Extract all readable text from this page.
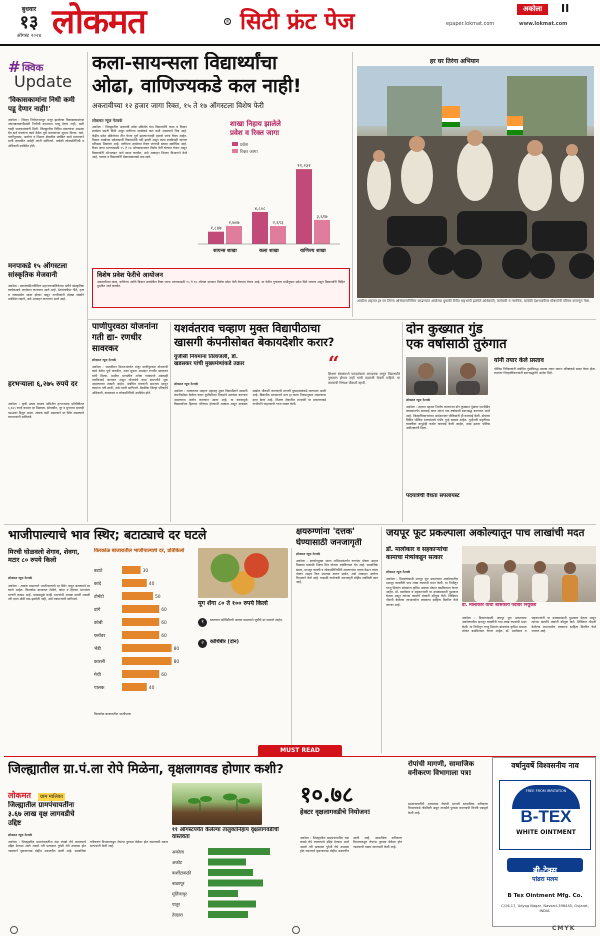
बुधवार
१३
ऑगस्ट २०२४ लोकमत	® सिटी फ्रंट पेज	अकोला	II
epaper.lokmat.com	www.lokmat.com
# क्विक
Update
'विकासकामांना निधी कमी पडू देणार नाही!'
अकोला : जिल्हा नियोजनमधून मंजूर झालेल्या विकासकामांच्या अंमलबजावणीसाठी निधीची कमतरता भासू देणार नाही, अशी ग्वाही पालकमंत्र्यांनी दिली. जिल्ह्यातील विविध प्रकल्पांचा आढावा घेत सर्व यंत्रणांना कामे वेळेत पूर्ण करण्याच्या सूचना दिल्या. रस्ते, पाणीपुरवठा, आरोग्य व शिक्षण क्षेत्रातील प्रलंबित कामे प्राधान्याने मार्गी लावावीत असेही त्यांनी सांगितले. यावेळी लोकप्रतिनिधी व अधिकारी उपस्थित होते.
मनपाकडे १५ ऑगस्टला सांस्कृतिक मेजवानी
अकोला : स्वातंत्र्यदिनानिमित्त महानगरपालिकेच्या वतीने सांस्कृतिक कार्यक्रमाचे आयोजन करण्यात आले आहे. देशभक्तीपर गीते, नृत्य व नाट्यप्रयोग सादर होणार असून नागरिकांनी मोठ्या संख्येने उपस्थित राहावे, असे आवाहन करण्यात आले आहे.
हरभऱ्याला ६,२७५ रुपये दर
अकोला : कृषी उत्पन्न बाजार समितीत हरभऱ्याला प्रतिक्विंटल ६,२७५ रुपये कमाल दर मिळाला. सोयाबीन, तूर व मुगाच्या दरातही चढउतार दिसून आला. आवक कमी असल्याने दर स्थिर असल्याचे व्यापाऱ्यांनी सांगितले.
कला-सायन्सला विद्यार्थ्यांचा
ओढा, वाणिज्यकडे कल नाही!
अकरावीच्या १२ हजार जागा रिक्त, १५ ते १७ ऑगस्टला विशेष फेरी
लोकमत न्यूज नेटवर्क
अकोला : जिल्ह्यातील अकरावी प्रवेश प्रक्रियेत यंदा विद्यार्थ्यांनी कला व विज्ञान शाखेला पसंती दिली असून वाणिज्य शाखेकडे कल कमी असल्याचे चित्र आहे. केंद्रीय प्रवेश प्रक्रियेच्या तीन फेऱ्या पूर्ण झाल्यानंतरही हजारो जागा रिक्त आहेत. विज्ञान शाखेच्या प्रवेशासाठी विद्यार्थ्यांची गर्दी झाली असून कला शाखेलाही चांगला प्रतिसाद मिळाला आहे. वाणिज्य शाखेच्या रिक्त जागांची संख्या सर्वाधिक आहे. रिक्त जागा भरण्यासाठी १५ ते १७ ऑगस्टदरम्यान विशेष फेरी घेण्यात येणार असून विद्यार्थ्यांनी ऑनलाइन अर्ज सादर करावेत, असे आवाहन शिक्षण विभागाने केले आहे. पालक व विद्यार्थ्यांनी वेळापत्रकाकडे लक्ष द्यावे.
शाखा निहाय झालेले
प्रवेश व रिक्त जागा
प्रवेश
रिक्त जागा
१,८४७
२,७०७
सायन्स शाखा
४,८०८
२,६९३
कला शाखा
११,२३१
३,६१७
वाणिज्य शाखा
विशेष प्रवेश फेरीचे आयोजन
अकरावीच्या कला, वाणिज्य आणि विज्ञान शाखेतील रिक्त जागा भरण्यासाठी १५ ते १७ ऑगस्ट दरम्यान विशेष प्रवेश फेरी घेण्यात येणार आहे. या फेरीत गुणवत्ता यादीनुसार प्रवेश दिले जाणार असून विद्यार्थ्यांनी विहित मुदतीत अर्ज करावेत.
हर घर तिरंगा अभियान
अकोला शहरात हर घर तिरंगा अभियानानिमित्त काढण्यात आलेल्या दुचाकी रॅलीत सहभागी झालेले अधिकारी, कर्मचारी व नागरिक. यावेळी देशभक्तीपर घोषणांनी परिसर दणाणून गेला.
पाणीपुरवठा योजनांना गती द्या- रणधीर सावरकर
लोकमत न्यूज नेटवर्क
अकोला : जलजीवन मिशनअंतर्गत मंजूर पाणीपुरवठा योजनांची कामे वेळेत पूर्ण करावीत, अशा सूचना आमदार रणधीर सावरकर यांनी दिल्या. ग्रामीण भागातील अनेक गावांमध्ये अद्यापही पाणीटंचाई जाणवत असून योजनांचे काम संथगतीने सुरू असल्याच्या तक्रारी आहेत. संबंधित यंत्रणांनी समन्वय साधून कामांना गती द्यावी, असे त्यांनी सांगितले. बैठकीस जिल्हा परिषदेचे अधिकारी, कंत्राटदार व लोकप्रतिनिधी उपस्थित होते.
यशवंतराव चव्हाण मुक्त विद्यापीठाचा
खासगी कंपनीसोबत बेकायदेशीर करार?
युजीसी नियमांना तिलांजली, डॉ. खडसकर यांची मुख्यमंत्र्यांकडे तक्रार
लोकमत न्यूज नेटवर्क
अकोला : यशवंतराव चव्हाण महाराष्ट्र मुक्त विद्यापीठाने खासगी कंपनीसोबत केलेला करार युजीसीच्या नियमांचे उल्लंघन करणारा असल्याचा आरोप करण्यात आला आहे. या करारामुळे विद्यार्थ्यांच्या हितावर परिणाम होण्याची शक्यता असून याबाबत सखोल चौकशी करण्याची मागणी मुख्यमंत्र्यांकडे करण्यात आली आहे. विद्यापीठ प्रशासनाने मात्र हा करार नियमानुसार असल्याचा दावा केला आहे. शिक्षण क्षेत्रातील तज्ज्ञांनी या प्रकरणाकडे गांभीर्याने पाहण्याची गरज व्यक्त केली.
“
शिक्षण संस्थांमध्ये पारदर्शकता आवश्यक असून विद्यार्थ्यांचे नुकसान होणार नाही याची काळजी घेतली पाहिजे. या कराराची निष्पक्ष चौकशी व्हावी.
दोन कुख्यात गुंड
एक वर्षासाठी तुरुंगात
लोकमत न्यूज नेटवर्क
अकोला : शहरात दहशत निर्माण करणाऱ्या दोन कुख्यात गुंडांवर एमपीडीए कायद्यांतर्गत कारवाई करत त्यांना एक वर्षासाठी स्थानबद्ध करण्यात आले आहे. जिल्हाधिकाऱ्यांच्या आदेशानंतर पोलिसांनी ही कारवाई केली. दोघांवर विविध पोलिस ठाण्यांमध्ये गंभीर गुन्हे दाखल आहेत. गुन्हेगारी प्रवृत्तीच्या व्यक्तींवर यापुढेही कठोर कारवाई केली जाईल, असा इशारा पोलिस अधीक्षकांनी दिला.
पदयात्रेची वैधता संपलायस्ट
यांनी तयार केले प्रस्ताव
पोलिस निरीक्षकांनी संबंधित गुंडांविरुद्ध प्रस्ताव तयार करून वरिष्ठांकडे सादर केला होता. त्यानंतर जिल्हाधिकाऱ्यांनी स्थानबद्धतेचे आदेश दिले.
भाजीपाल्याचे भाव स्थिर; बटाट्याचे दर घटले
मिरची घोळवलो शेगाव, शेवगा, मटार ८० रुपये किलो
लोकमत न्यूज नेटवर्क
अकोला : आवक वाढल्याने भाजीपाल्याचे दर स्थिर असून बटाट्याचे दर घटले आहेत. किरकोळ बाजारात टोमॅटो, कांदा व हिरव्या भाज्यांना मागणी कायम आहे. पावसामुळे काही भाज्यांची आवक घटली असली तरी दरात मोठी वाढ झालेली नाही, असे व्यापाऱ्यांनी सांगितले.
किरकोळ बाजारातील भाजीपाल्याचे दर, प्रतिकिलो
बटाटे	30
कांदे	40
टोमॅटो	50
वांगे	60
कोबी	60
फ्लॉवर	60
भेंडी	80
कारली	80
मेथी	60
पालक	40
किरकोळ बाजारातील भाजीपाला
मूग शेंगा ८० ते १०० रुपये किलो
१	बाजारात कोथिंबीरची आवक वाढल्याने जुडीचे दर घसरले आहेत.
२	कोथिंबीर (दोन)
क्षयरुग्णांना 'दत्तक'
घेण्यासाठी जनजागृती
लोकमत न्यूज नेटवर्क
अकोला : क्षयरोगमुक्त भारत अभियानांतर्गत रुग्णांना पोषण आहार मिळावा यासाठी निक्षय मित्र योजना राबविण्यात येत आहे. सामाजिक संस्था, दानशूर व्यक्ती व लोकप्रतिनिधींनी क्षयरुग्णांना दत्तक घेऊन त्यांना पोषण आहार किट उपलब्ध करून द्यावेत, असे आवाहन आरोग्य विभागाने केले आहे. यासाठी गावोगावी जनजागृती मोहीम राबविली जात आहे.
जयपूर फूट प्रकल्पाला अकोल्यातून पाच लाखांची मदत
डॉ. मालोकार व सहकाऱ्यांचा कामाचा मंत्र्यांकडून सत्कार
डॉ. मालोकार यांची शासकीय पदावर नियुक्ती
लोकमत न्यूज नेटवर्क
अकोला : दिव्यांगांसाठी जयपूर फूट प्रकल्पाला अकोल्यातील दानशूर व्यक्तींनी पाच लाख रुपयांची मदत केली. या निधीतून गरजू दिव्यांग बांधवांना कृत्रिम अवयव मोफत बसविण्यात येणार आहेत. डॉ. मालोकार व सहकाऱ्यांनी या उपक्रमासाठी पुढाकार घेतला असून त्यांच्या कार्याचे मंत्र्यांनी कौतुक केले. शिबिरात नोंदणी केलेल्या लाभार्थ्यांना लवकरच साहित्य वितरित केले जाणार आहे.
अकोला : दिव्यांगांसाठी जयपूर फूट प्रकल्पाला अकोल्यातील दानशूर व्यक्तींनी पाच लाख रुपयांची मदत केली. या निधीतून गरजू दिव्यांग बांधवांना कृत्रिम अवयव मोफत बसविण्यात येणार आहेत. डॉ. मालोकार व सहकाऱ्यांनी या उपक्रमासाठी पुढाकार घेतला असून त्यांच्या कार्याचे मंत्र्यांनी कौतुक केले. शिबिरात नोंदणी केलेल्या लाभार्थ्यांना लवकरच साहित्य वितरित केले जाणार आहे.
MUST READ
जिल्ह्यातील ग्रा.पं.ला रोपे मिळेना, वृक्षलागवड होणार कशी?
लोकमत ग्राम मालिका
जिल्ह्यातील ग्रामपंचायतींना ३.६७ लाख वृक्ष लागवडीचे उद्दिष्ट
लोकमत न्यूज नेटवर्क
अकोला : जिल्ह्यातील ग्रामपंचायतींना यंदा लाखो रोपे लावण्याचे उद्दिष्ट देण्यात आले असले तरी प्रत्यक्षात पुरेशी रोपे उपलब्ध होत नसल्याने वृक्षलागवड मोहीम अडचणीत आली आहे. सामाजिक वनीकरण विभागाकडून रोपांचा पुरवठा वेळेवर होत नसल्याची तक्रार सरपंचांनी केली आहे.
११ ऑगस्टपर्यंत केलेल्या तालुकानिहाय वृक्षलागवडीची वास्तवता
अकोला
अकोट
बार्शीटाकळी
बाळापूर
मूर्तिजापूर
पातूर
तेल्हारा
१०.७८
हेक्टर वृक्षलागवडीचे नियोजन!
अकोला : जिल्ह्यातील ग्रामपंचायतींना यंदा लाखो रोपे लावण्याचे उद्दिष्ट देण्यात आले असले तरी प्रत्यक्षात पुरेशी रोपे उपलब्ध होत नसल्याने वृक्षलागवड मोहीम अडचणीत आली आहे. सामाजिक वनीकरण विभागाकडून रोपांचा पुरवठा वेळेवर होत नसल्याची तक्रार सरपंचांनी केली आहे.
रोपांची मागणी, सामाजिक वनीकरण विभागाला पत्र!
ग्रामपंचायतींनी आवश्यक रोपांची मागणी सामाजिक वनीकरण विभागाकडे नोंदविली असून तातडीने पुरवठा करण्याची विनंती पत्राद्वारे केली आहे.
वर्षानुवर्षे विश्वसनीय नाव
FREE FROM IRRITATION
B-TEX
WHITE OINTMENT
बी-टेक्स
पांढरा मलम
B Tex Ointment Mfg. Co.
C/16-17, Udyog Nagar, Navsari-396445, Gujarat, INDIA.
CMYK
